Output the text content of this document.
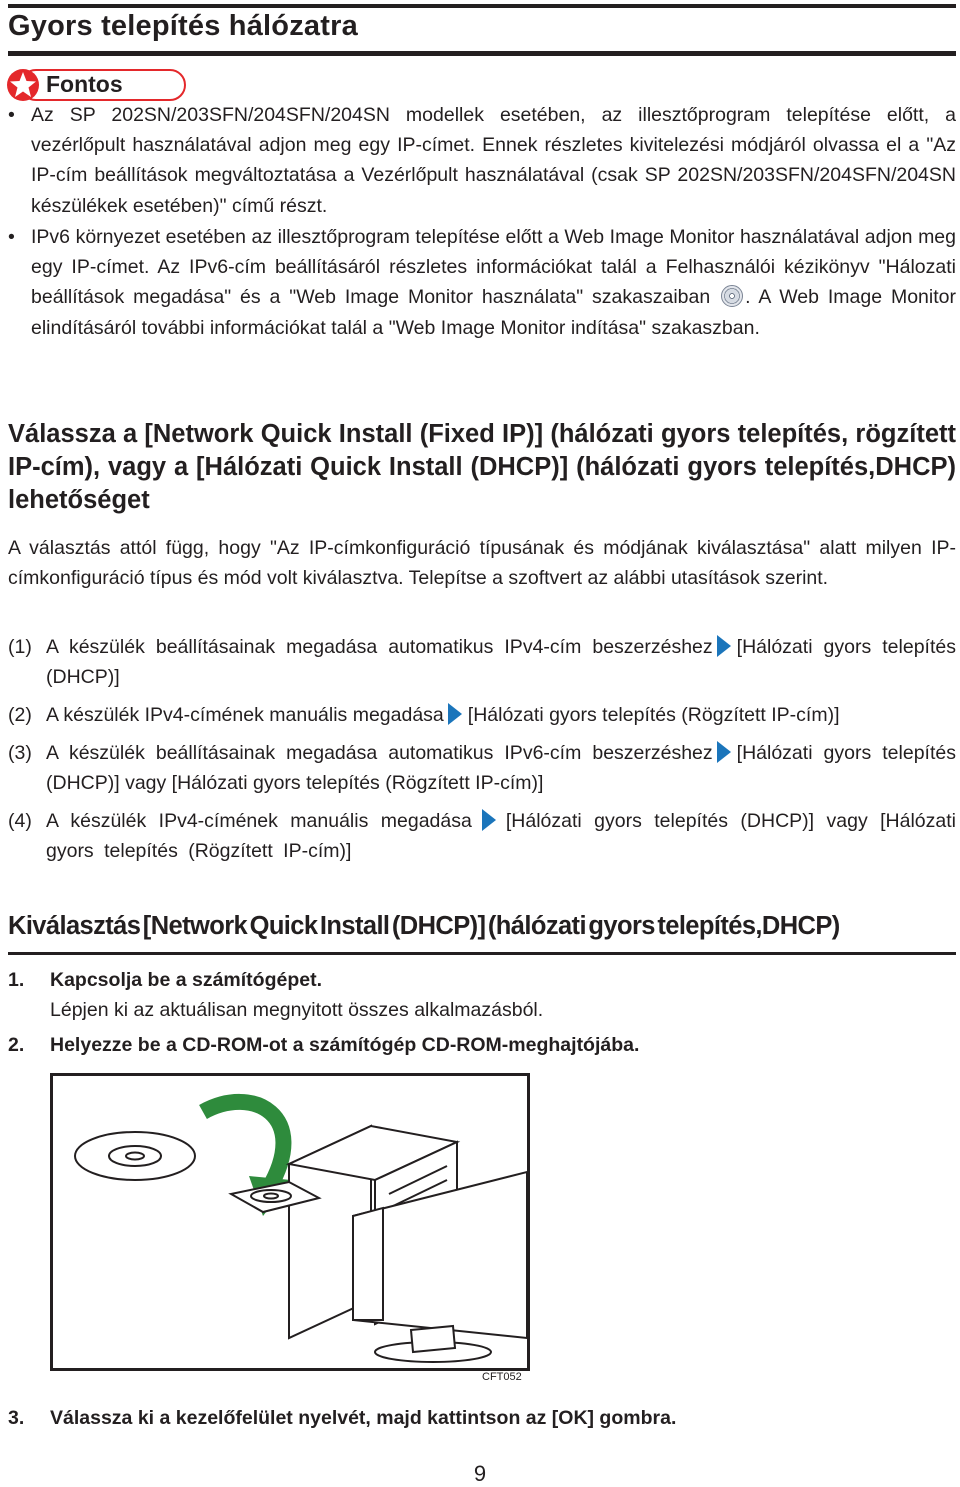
Gyors telepítés hálózatra
Fontos
• Az SP 202SN/203SFN/204SFN/204SN modellek esetében, az illesztőprogram telepítése előtt, a vezérlőpult használatával adjon meg egy IP-címet. Ennek részletes kivitelezési módjáról olvassa el a "Az IP-cím beállítások megváltoztatása a Vezérlőpult használatával (csak SP 202SN/203SFN/204SFN/204SN készülékek esetében)" című részt.
• IPv6 környezet esetében az illesztőprogram telepítése előtt a Web Image Monitor használatával adjon meg egy IP-címet. Az IPv6-cím beállításáról részletes információkat talál a Felhasználói kézikönyv "Hálozati beállítások megadása" és a "Web Image Monitor használata" szakaszaiban . A Web Image Monitor elindításáról további információkat talál a "Web Image Monitor indítása" szakaszban.
Válassza a [Network Quick Install (Fixed IP)] (hálózati gyors telepítés, rögzített IP-cím), vagy a [Hálózati Quick Install (DHCP)] (hálózati gyors telepítés,DHCP) lehetőséget
A választás attól függ, hogy "Az IP-címkonfiguráció típusának és módjának kiválasztása" alatt milyen IP-címkonfiguráció típus és mód volt kiválasztva. Telepítse a szoftvert az alábbi utasítások szerint.
(1) A készülék beállításainak megadása automatikus IPv4-cím beszerzéshez [Hálózati gyors telepítés (DHCP)]
(2) A készülék IPv4-címének manuális megadása [Hálózati gyors telepítés (Rögzített IP-cím)]
(3) A készülék beállításainak megadása automatikus IPv6-cím beszerzéshez [Hálózati gyors telepítés (DHCP)] vagy [Hálózati gyors telepítés (Rögzített IP-cím)]
(4) A készülék IPv4-címének manuális megadása [Hálózati gyors telepítés (DHCP)] vagy [Hálózati gyors telepítés (Rögzített IP-cím)]
Kiválasztás [Network Quick Install (DHCP)] (hálózati gyors telepítés,DHCP)
1. Kapcsolja be a számítógépet.
Lépjen ki az aktuálisan megnyitott összes alkalmazásból.
2. Helyezze be a CD-ROM-ot a számítógép CD-ROM-meghajtójába.
CFT052
3. Válassza ki a kezelőfelület nyelvét, majd kattintson az [OK] gombra.
9
